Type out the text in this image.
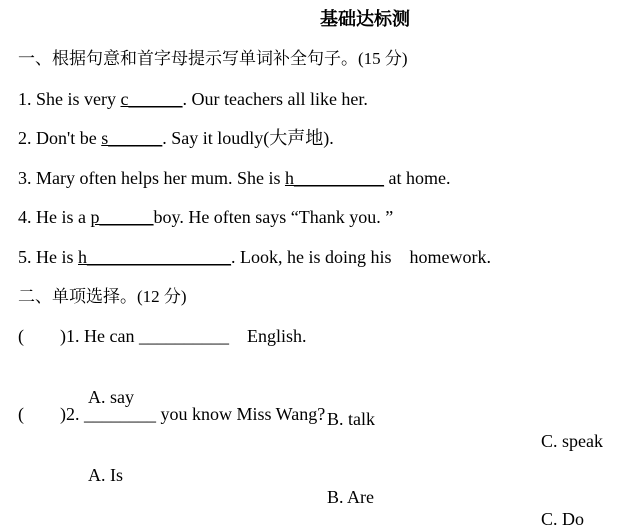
基础达标测
一、根据句意和首字母提示写单词补全句子。(15 分)
1. She is very c______. Our teachers all like her.
2. Don't be s______. Say it loudly(大声地).
3. Mary often helps her mum. She is h__________ at home.
4. He is a p______boy. He often says “Thank you. ”
5. He is h________________. Look, he is doing his    homework.
二、单项选择。(12 分)
(        )1. He can __________    English.

A. say

B. talk

C. speak

(        )2. ________ you know Miss Wang?

A. Is

B. Are

C. Do
